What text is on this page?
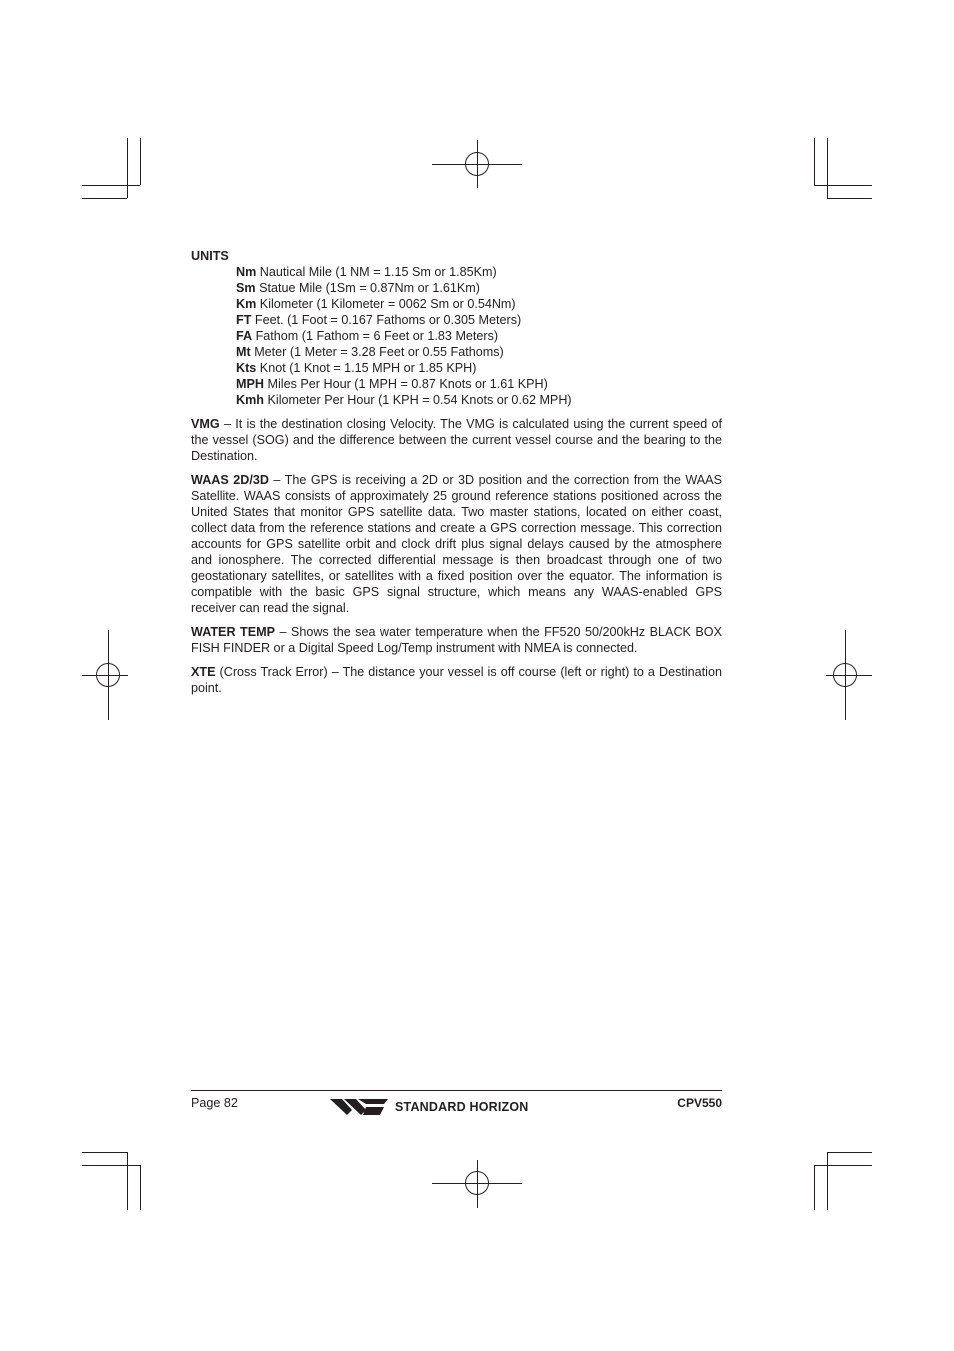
UNITS

Nm Nautical Mile (1 NM = 1.15 Sm or 1.85Km)
Sm Statue Mile (1Sm = 0.87Nm or 1.61Km)
Km Kilometer (1 Kilometer = 0062 Sm or 0.54Nm)
FT Feet. (1 Foot = 0.167 Fathoms or 0.305 Meters)
FA Fathom (1 Fathom = 6 Feet or 1.83 Meters)
Mt Meter (1 Meter = 3.28 Feet or 0.55 Fathoms)
Kts Knot (1 Knot = 1.15 MPH or 1.85 KPH)
MPH Miles Per Hour (1 MPH = 0.87 Knots or 1.61 KPH)
Kmh Kilometer Per Hour (1 KPH = 0.54 Knots or 0.62 MPH)

VMG – It is the destination closing Velocity. The VMG is calculated using the current speed of the vessel (SOG) and the difference between the current vessel course and the bearing to the Destination.

WAAS 2D/3D – The GPS is receiving a 2D or 3D position and the correction from the WAAS Satellite. WAAS consists of approximately 25 ground reference stations positioned across the United States that monitor GPS satellite data. Two master stations, located on either coast, collect data from the reference stations and create a GPS correction message. This correction accounts for GPS satellite orbit and clock drift plus signal delays caused by the atmosphere and ionosphere. The corrected differential message is then broadcast through one of two geostationary satellites, or satellites with a fixed position over the equator. The information is compatible with the basic GPS signal structure, which means any WAAS-enabled GPS receiver can read the signal.

WATER TEMP – Shows the sea water temperature when the FF520 50/200kHz BLACK BOX FISH FINDER or a Digital Speed Log/Temp instrument with NMEA is connected.

XTE (Cross Track Error) – The distance your vessel is off course (left or right) to a Destination point.

Page 82	STANDARD HORIZON	CPV550
